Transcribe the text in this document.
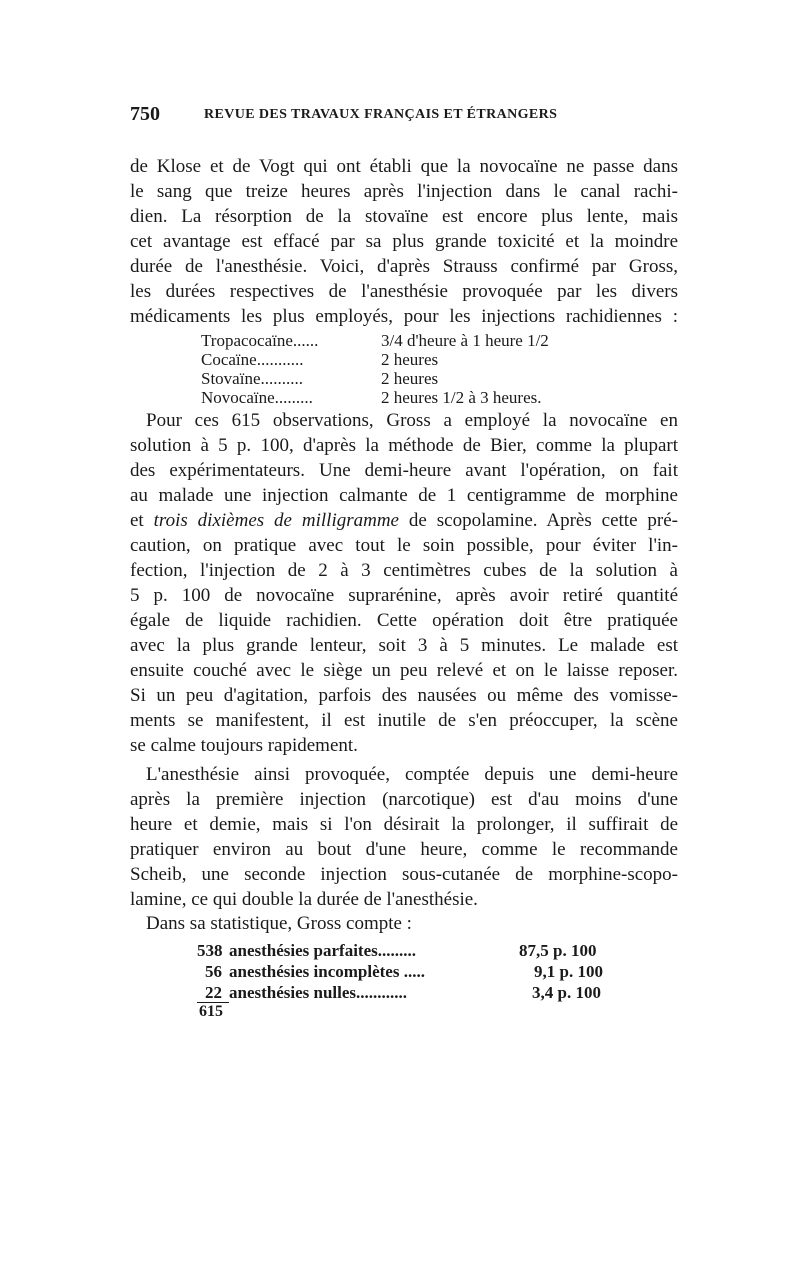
750	REVUE DES TRAVAUX FRANÇAIS ET ÉTRANGERS
de Klose et de Vogt qui ont établi que la novocaïne ne passe dans
le sang que treize heures après l'injection dans le canal rachi-
dien. La résorption de la stovaïne est encore plus lente, mais
cet avantage est effacé par sa plus grande toxicité et la moindre
durée de l'anesthésie. Voici, d'après Strauss confirmé par Gross,
les durées respectives de l'anesthésie provoquée par les divers
médicaments les plus employés, pour les injections rachidiennes :
Tropacocaïne......	3/4 d'heure à 1 heure 1/2
Cocaïne...........	2 heures
Stovaïne..........	2 heures
Novocaïne.........	2 heures 1/2 à 3 heures.
Pour ces 615 observations, Gross a employé la novocaïne en
solution à 5 p. 100, d'après la méthode de Bier, comme la plupart
des expérimentateurs. Une demi-heure avant l'opération, on fait
au malade une injection calmante de 1 centigramme de morphine
et trois dixièmes de milligramme de scopolamine. Après cette pré-
caution, on pratique avec tout le soin possible, pour éviter l'in-
fection, l'injection de 2 à 3 centimètres cubes de la solution à
5 p. 100 de novocaïne suprarénine, après avoir retiré quantité
égale de liquide rachidien. Cette opération doit être pratiquée
avec la plus grande lenteur, soit 3 à 5 minutes. Le malade est
ensuite couché avec le siège un peu relevé et on le laisse reposer.
Si un peu d'agitation, parfois des nausées ou même des vomisse-
ments se manifestent, il est inutile de s'en préoccuper, la scène
se calme toujours rapidement.
L'anesthésie ainsi provoquée, comptée depuis une demi-heure
après la première injection (narcotique) est d'au moins d'une
heure et demie, mais si l'on désirait la prolonger, il suffirait de
pratiquer environ au bout d'une heure, comme le recommande
Scheib, une seconde injection sous-cutanée de morphine-scopo-
lamine, ce qui double la durée de l'anesthésie.
Dans sa statistique, Gross compte :
538 anesthésies parfaites.........	87,5 p. 100
56 anesthésies incomplètes .....	9,1 p. 100
22 anesthésies nulles............	3,4 p. 100
615
